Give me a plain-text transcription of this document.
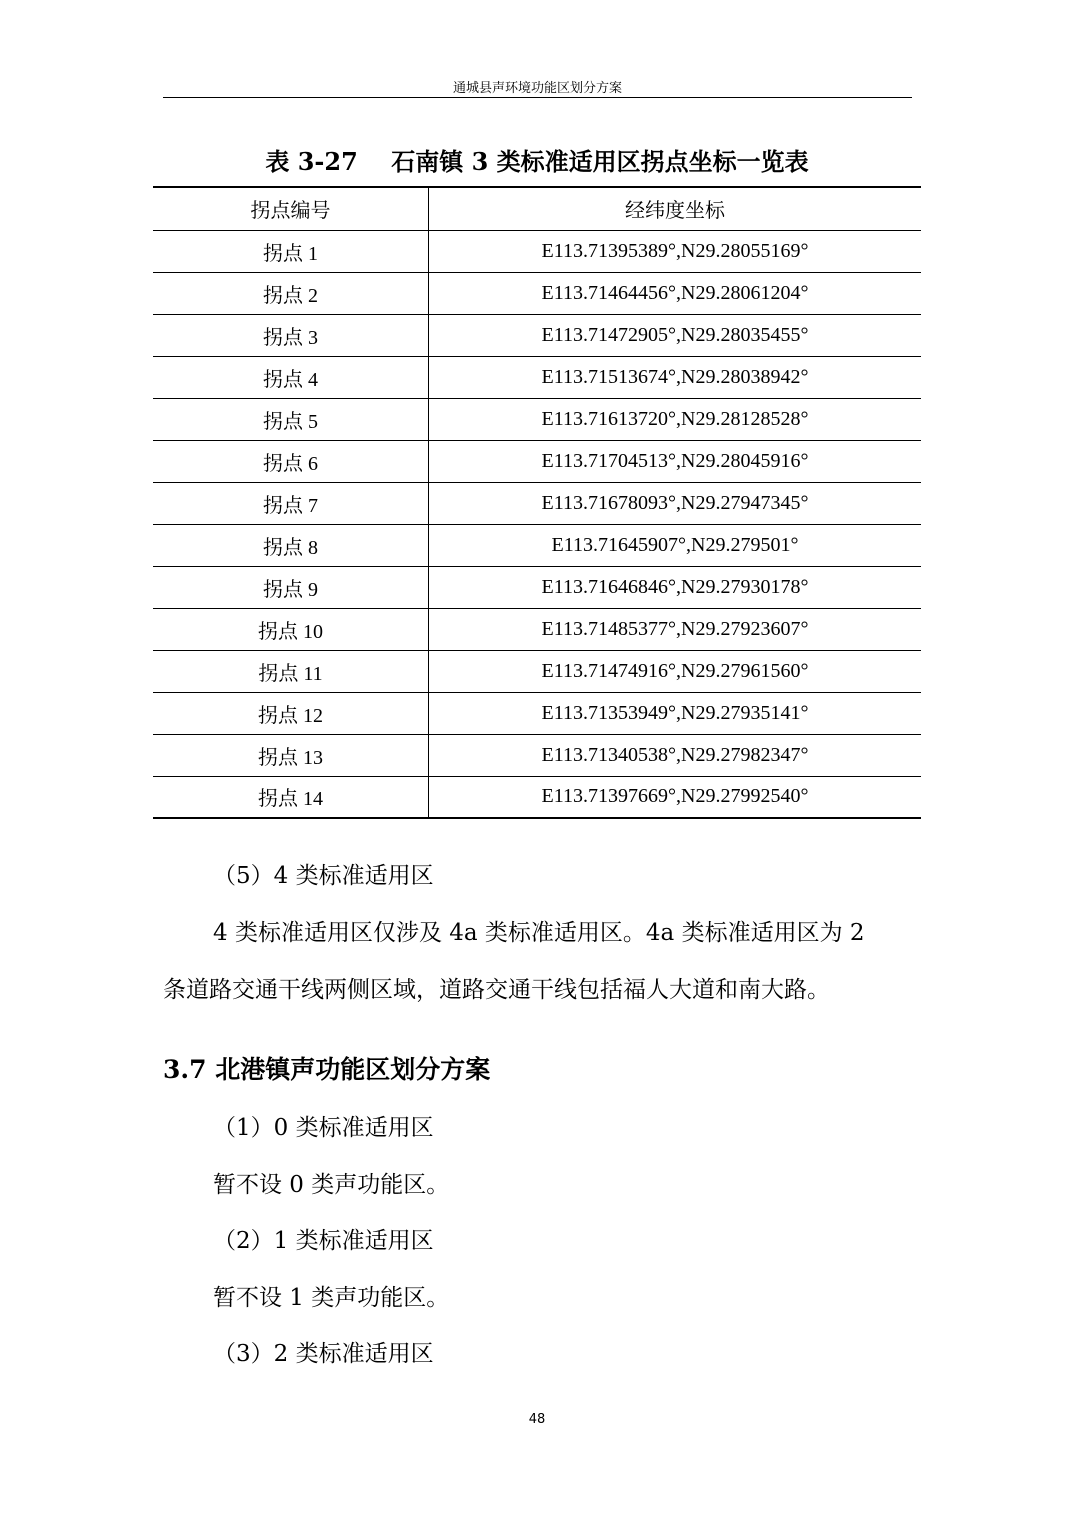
通城县声环境功能区划分方案
表 3-27    石南镇 3 类标准适用区拐点坐标一览表
拐点编号	经纬度坐标
拐点 1	E113.71395389°,N29.28055169°
拐点 2	E113.71464456°,N29.28061204°
拐点 3	E113.71472905°,N29.28035455°
拐点 4	E113.71513674°,N29.28038942°
拐点 5	E113.71613720°,N29.28128528°
拐点 6	E113.71704513°,N29.28045916°
拐点 7	E113.71678093°,N29.27947345°
拐点 8	E113.71645907°,N29.279501°
拐点 9	E113.71646846°,N29.27930178°
拐点 10	E113.71485377°,N29.27923607°
拐点 11	E113.71474916°,N29.27961560°
拐点 12	E113.71353949°,N29.27935141°
拐点 13	E113.71340538°,N29.27982347°
拐点 14	E113.71397669°,N29.27992540°
（5）4 类标准适用区
4 类标准适用区仅涉及 4a 类标准适用区。4a 类标准适用区为 2
条道路交通干线两侧区域，道路交通干线包括福人大道和南大路。
3.7 北港镇声功能区划分方案
（1）0 类标准适用区
暂不设 0 类声功能区。
（2）1 类标准适用区
暂不设 1 类声功能区。
（3）2 类标准适用区
48
